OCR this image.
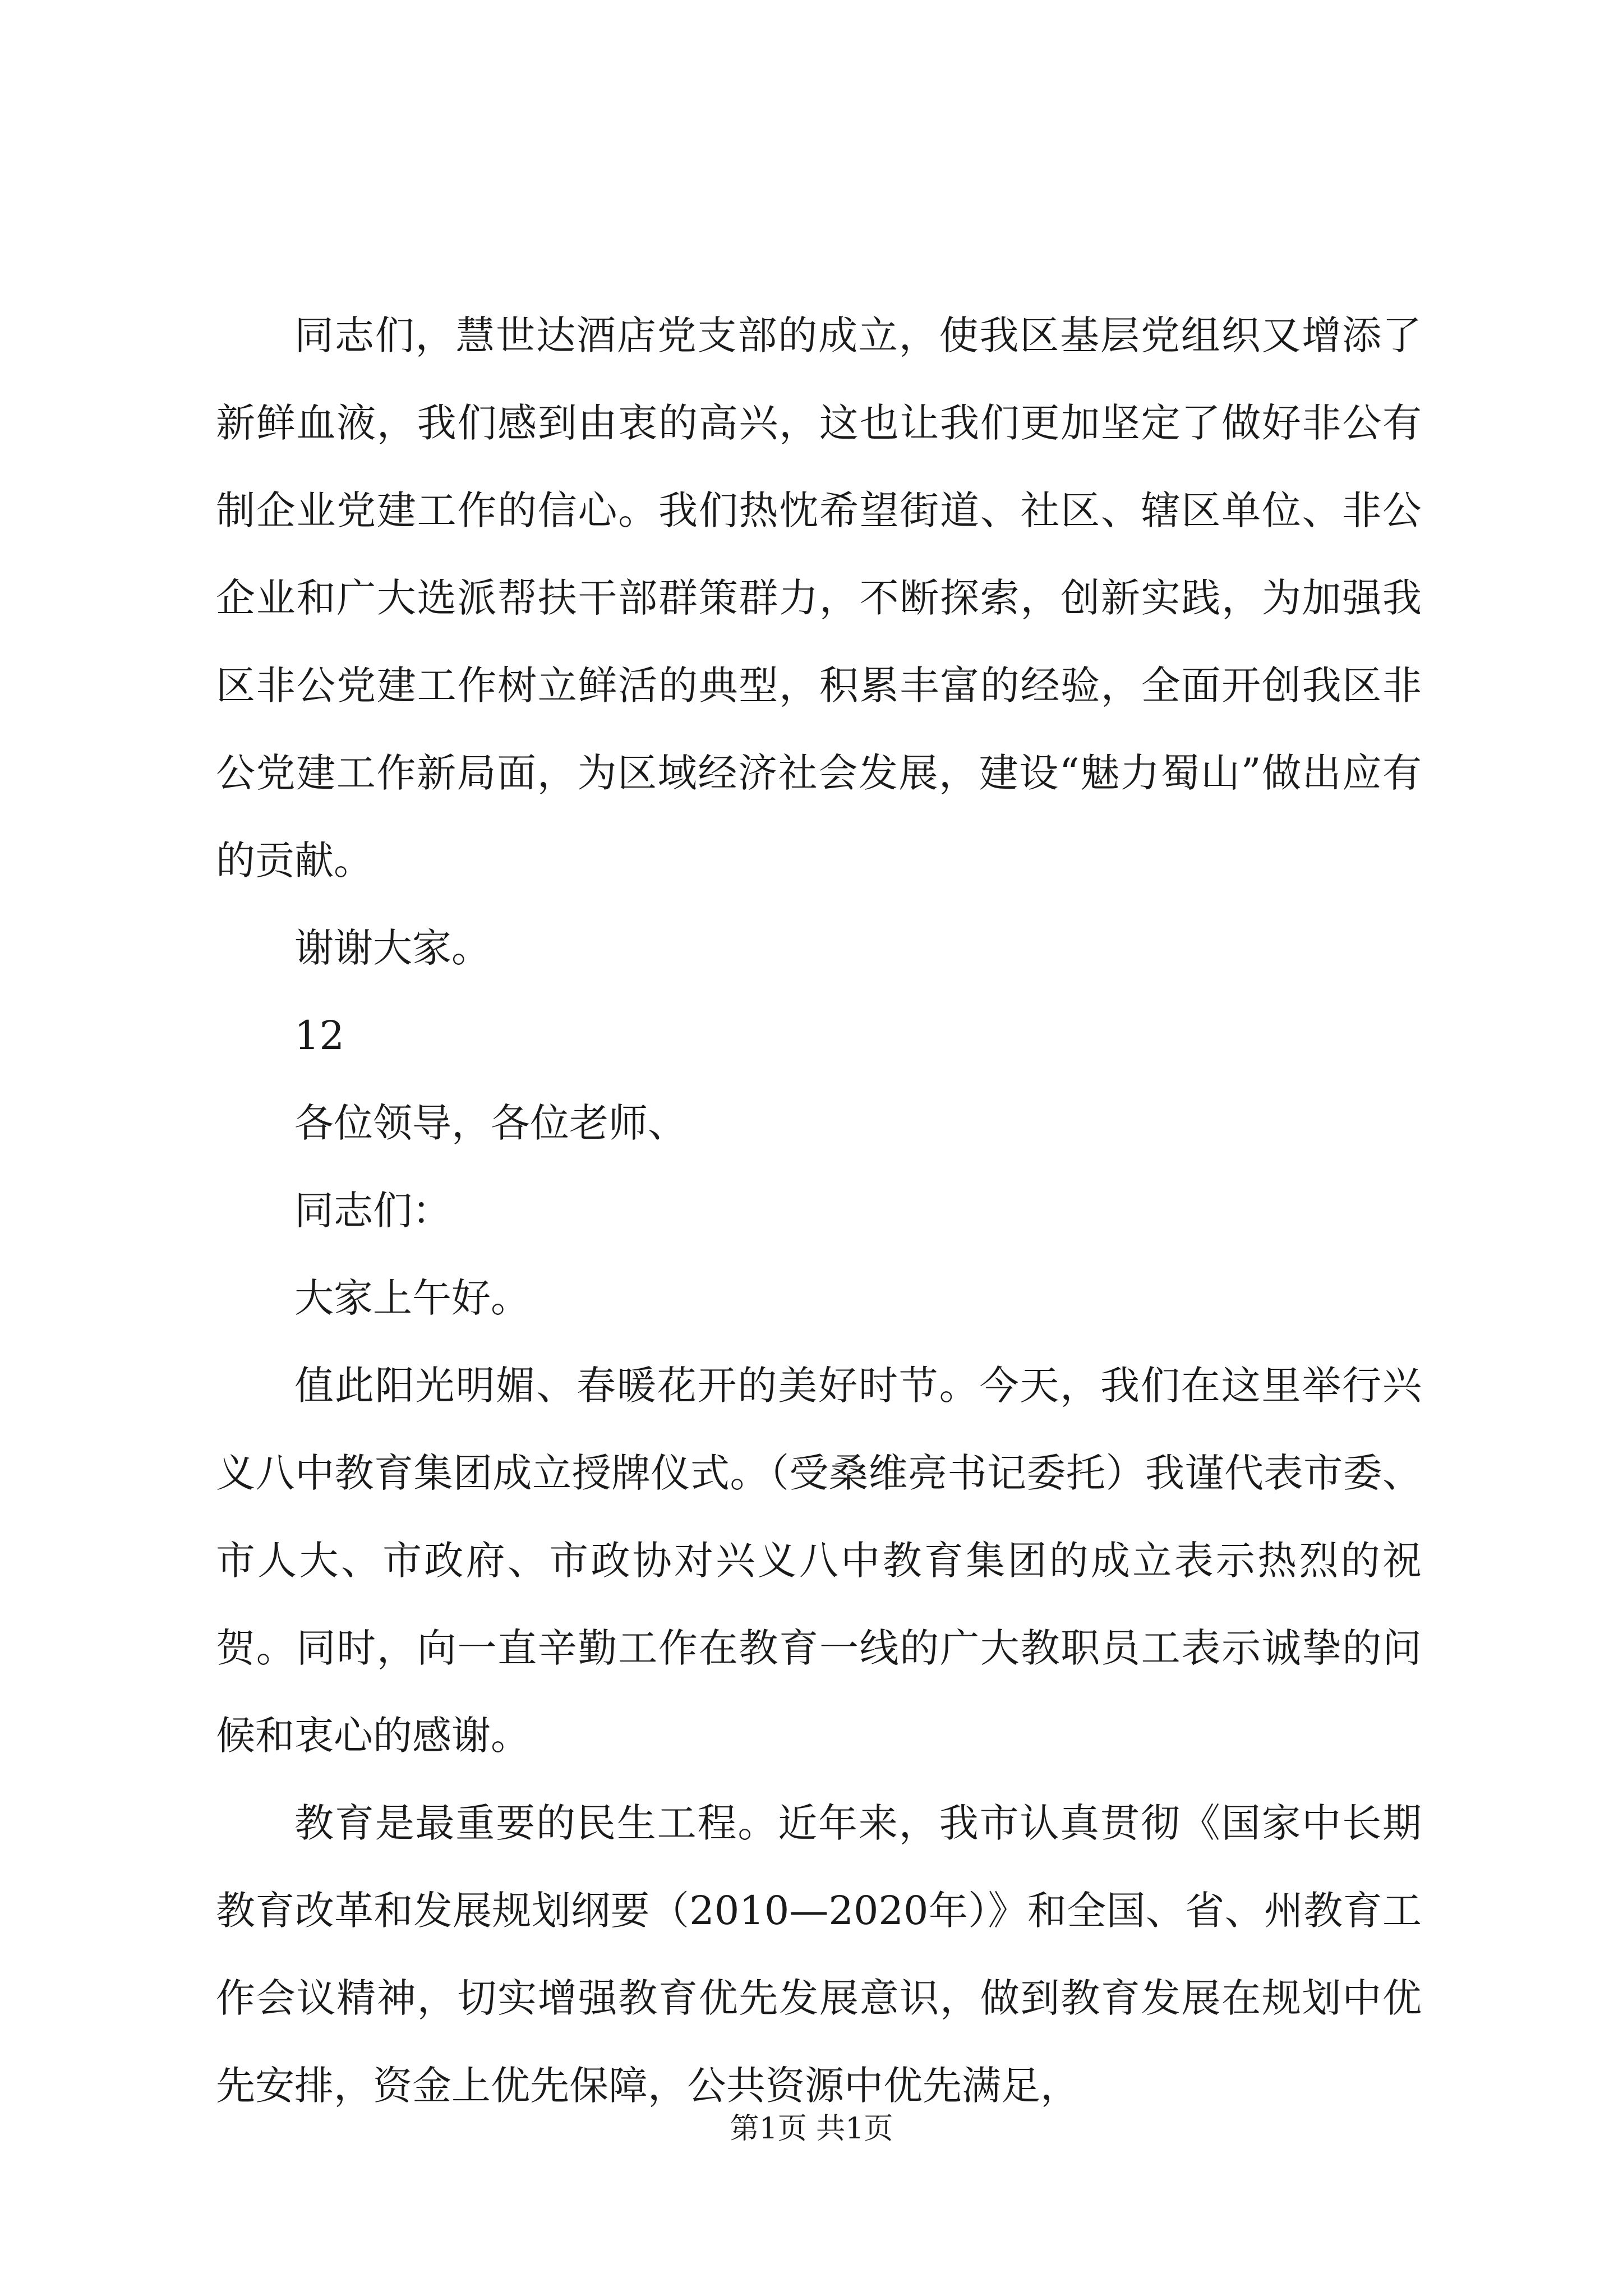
同志们，慧世达酒店党支部的成立，使我区基层党组织又增添了新鲜血液，我们感到由衷的高兴，这也让我们更加坚定了做好非公有制企业党建工作的信心。我们热忱希望街道、社区、辖区单位、非公企业和广大选派帮扶干部群策群力，不断探索，创新实践，为加强我区非公党建工作树立鲜活的典型，积累丰富的经验，全面开创我区非公党建工作新局面，为区域经济社会发展，建设“魅力蜀山”做出应有的贡献。

谢谢大家。

12

各位领导，各位老师、

同志们：

大家上午好。

值此阳光明媚、春暖花开的美好时节。今天，我们在这里举行兴义八中教育集团成立授牌仪式。（受桑维亮书记委托）我谨代表市委、市人大、市政府、市政协对兴义八中教育集团的成立表示热烈的祝贺。同时，向一直辛勤工作在教育一线的广大教职员工表示诚挚的问候和衷心的感谢。

教育是最重要的民生工程。近年来，我市认真贯彻《国家中长期教育改革和发展规划纲要（2010—2020年）》和全国、省、州教育工作会议精神，切实增强教育优先发展意识，做到教育发展在规划中优先安排，资金上优先保障，公共资源中优先满足，

第1页 共1页
